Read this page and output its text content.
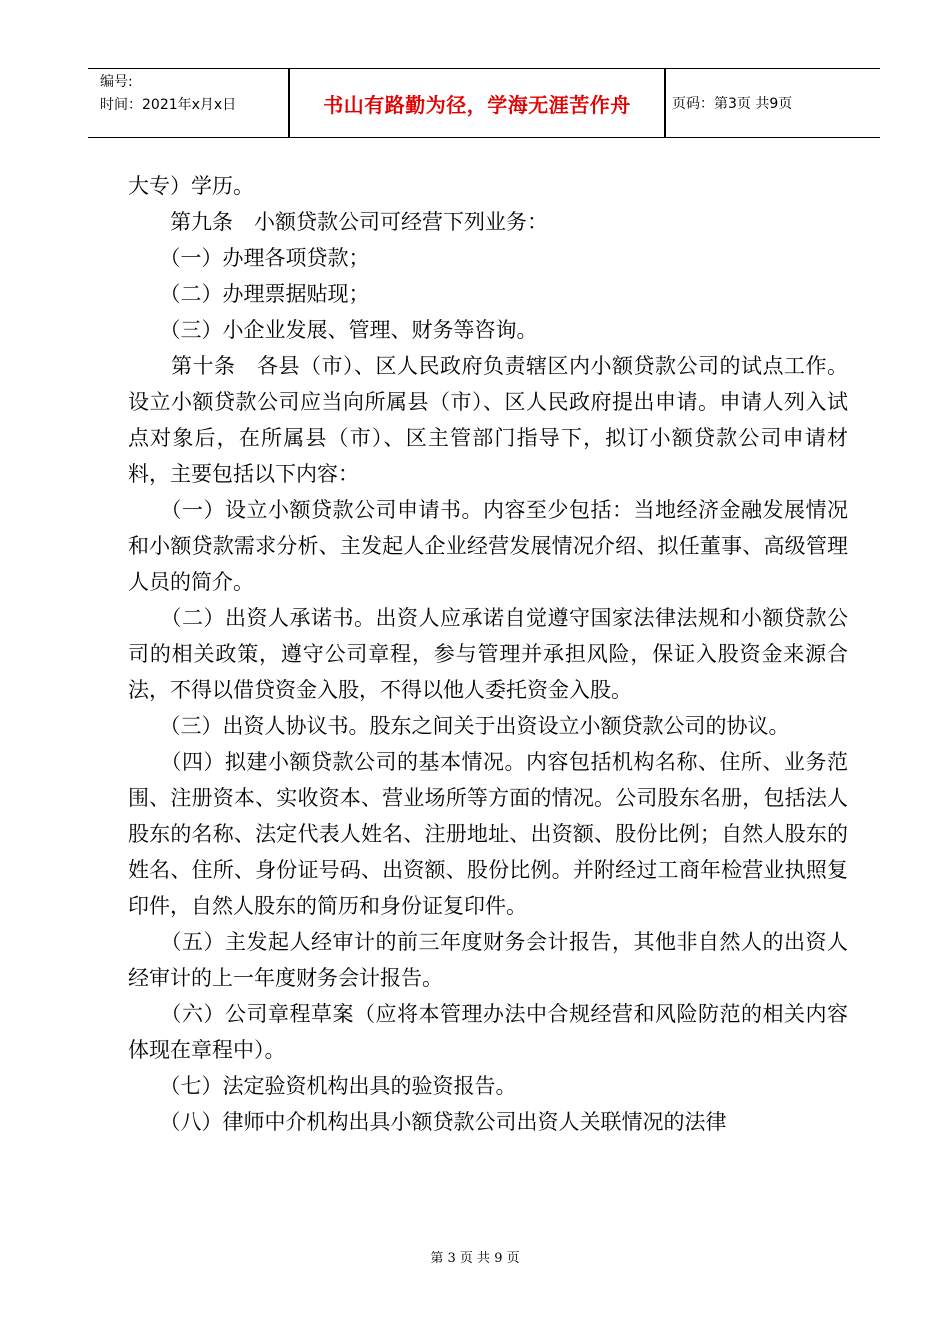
编号:
时间：2021年x月x日	书山有路勤为径，学海无涯苦作舟	页码：第3页 共9页

大专）学历。

　　第九条　小额贷款公司可经营下列业务：

　　（一）办理各项贷款；

　　（二）办理票据贴现；

　　（三）小企业发展、管理、财务等咨询。

　　第十条　各县（市）、区人民政府负责辖区内小额贷款公司的试点工作。设立小额贷款公司应当向所属县（市）、区人民政府提出申请。申请人列入试点对象后，在所属县（市）、区主管部门指导下，拟订小额贷款公司申请材料，主要包括以下内容：

　　（一）设立小额贷款公司申请书。内容至少包括：当地经济金融发展情况和小额贷款需求分析、主发起人企业经营发展情况介绍、拟任董事、高级管理人员的简介。

　　（二）出资人承诺书。出资人应承诺自觉遵守国家法律法规和小额贷款公司的相关政策，遵守公司章程，参与管理并承担风险，保证入股资金来源合法，不得以借贷资金入股，不得以他人委托资金入股。

　　（三）出资人协议书。股东之间关于出资设立小额贷款公司的协议。

　　（四）拟建小额贷款公司的基本情况。内容包括机构名称、住所、业务范围、注册资本、实收资本、营业场所等方面的情况。公司股东名册，包括法人股东的名称、法定代表人姓名、注册地址、出资额、股份比例；自然人股东的姓名、住所、身份证号码、出资额、股份比例。并附经过工商年检营业执照复印件，自然人股东的简历和身份证复印件。

　　（五）主发起人经审计的前三年度财务会计报告，其他非自然人的出资人经审计的上一年度财务会计报告。

　　（六）公司章程草案（应将本管理办法中合规经营和风险防范的相关内容体现在章程中）。

　　（七）法定验资机构出具的验资报告。

　　（八）律师中介机构出具小额贷款公司出资人关联情况的法律

第 3 页 共 9 页
